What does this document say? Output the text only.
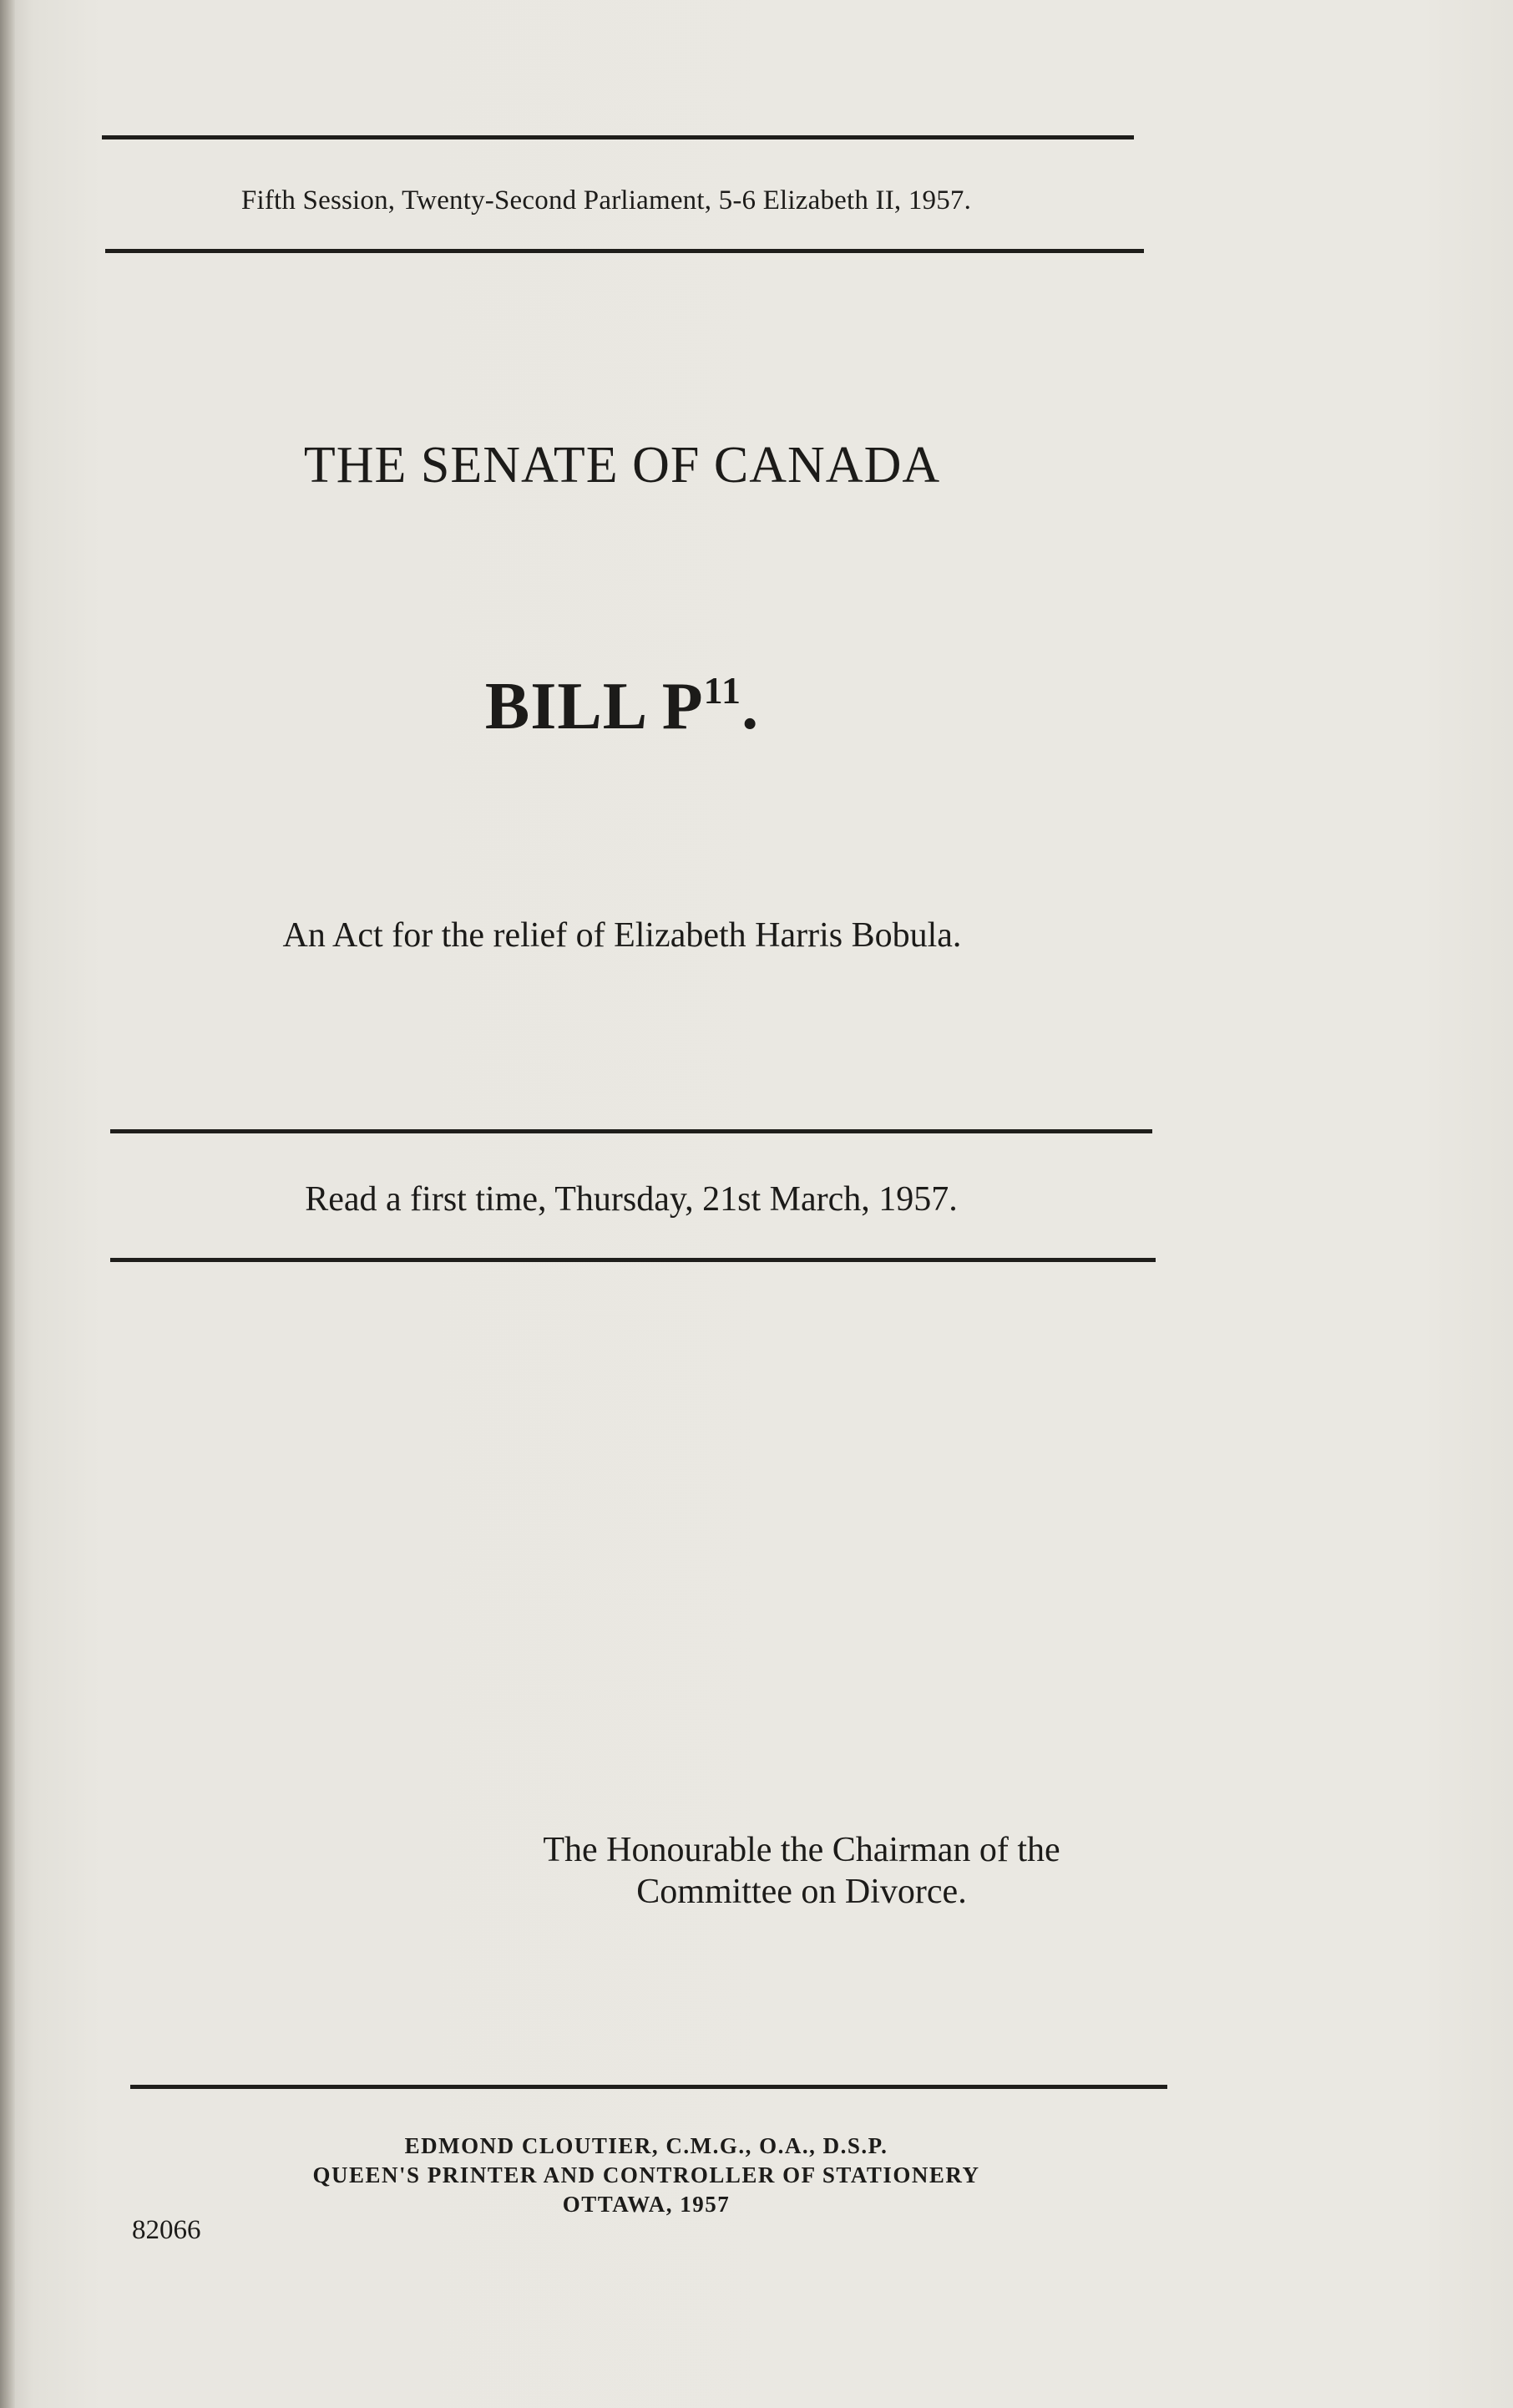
Fifth Session, Twenty-Second Parliament, 5-6 Elizabeth II, 1957.
THE SENATE OF CANADA
BILL $P^{11}$.
An Act for the relief of Elizabeth Harris Bobula.
Read a first time, Thursday, 21st March, 1957.
The Honourable the Chairman of the
Committee on Divorce.
EDMOND CLOUTIER, C.M.G., O.A., D.S.P.
QUEEN'S PRINTER AND CONTROLLER OF STATIONERY
OTTAWA, 1957
82066
